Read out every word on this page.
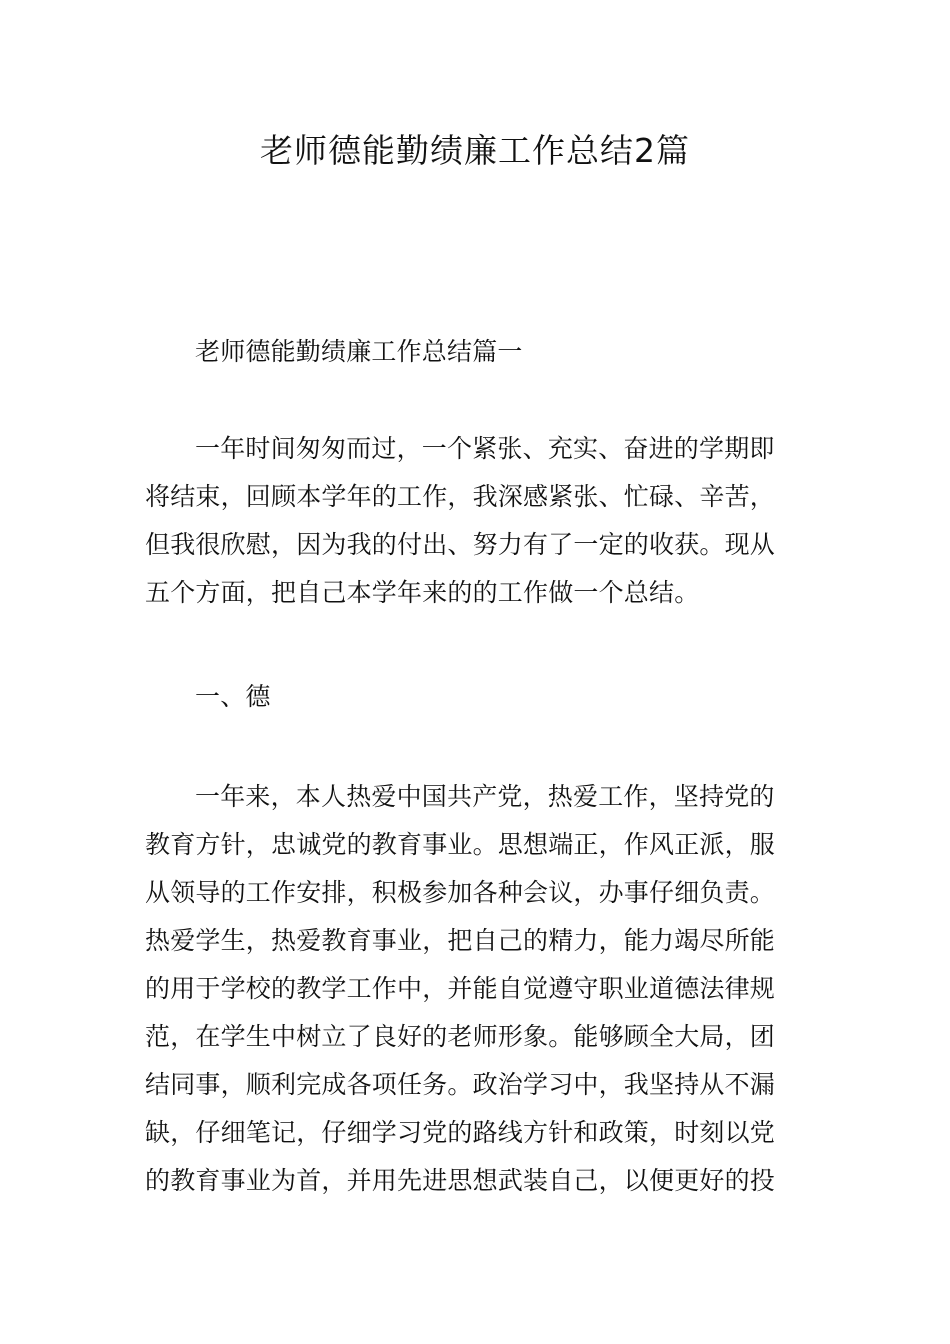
老师德能勤绩廉工作总结2篇
老师德能勤绩廉工作总结篇一
一年时间匆匆而过，一个紧张、充实、奋进的学期即
将结束，回顾本学年的工作，我深感紧张、忙碌、辛苦，
但我很欣慰，因为我的付出、努力有了一定的收获。现从
五个方面，把自己本学年来的的工作做一个总结。
一、德
一年来，本人热爱中国共产党，热爱工作，坚持党的
教育方针，忠诚党的教育事业。思想端正，作风正派，服
从领导的工作安排，积极参加各种会议，办事仔细负责。
热爱学生，热爱教育事业，把自己的精力，能力竭尽所能
的用于学校的教学工作中，并能自觉遵守职业道德法律规
范，在学生中树立了良好的老师形象。能够顾全大局，团
结同事，顺利完成各项任务。政治学习中，我坚持从不漏
缺，仔细笔记，仔细学习党的路线方针和政策，时刻以党
的教育事业为首，并用先进思想武装自己，以便更好的投
